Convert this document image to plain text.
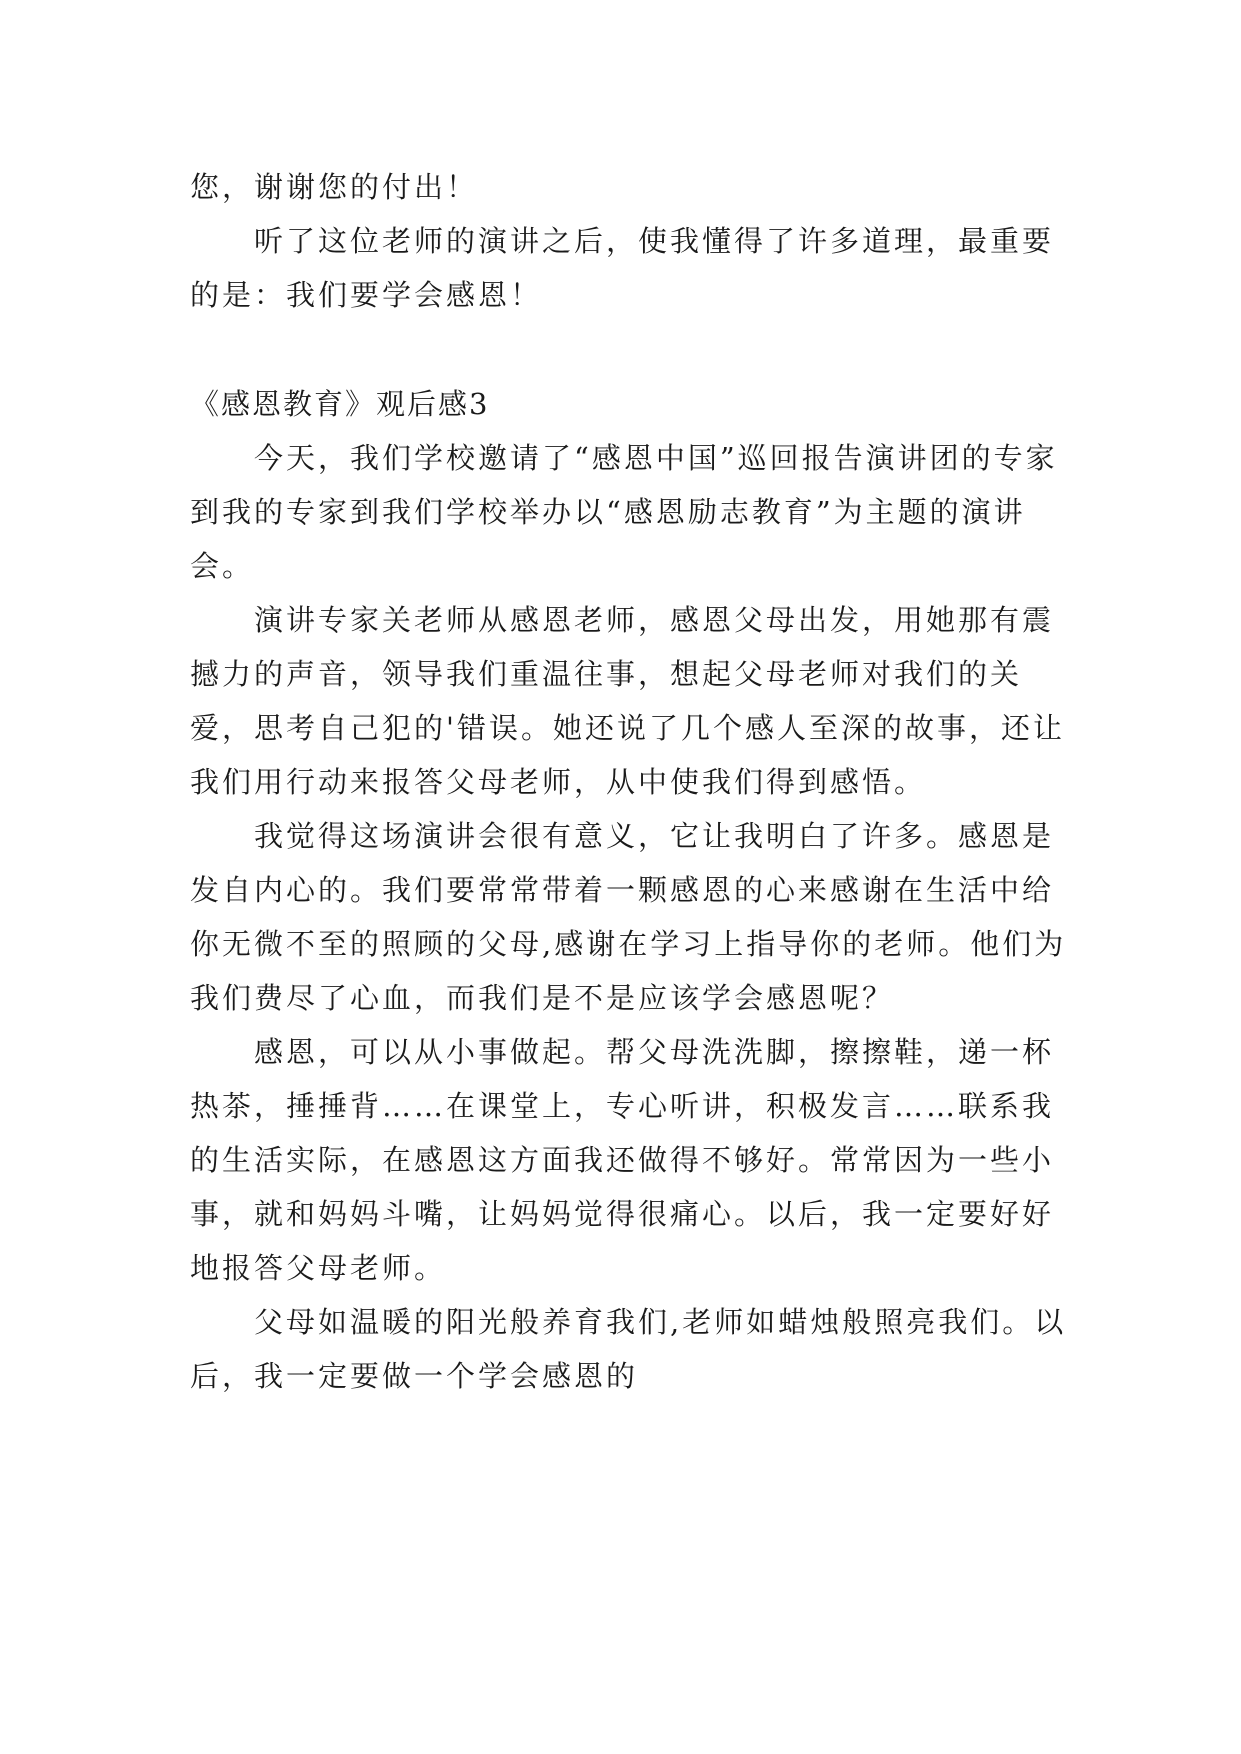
您，谢谢您的付出！

听了这位老师的演讲之后，使我懂得了许多道理，最重要的是：我们要学会感恩！

《感恩教育》观后感3

今天，我们学校邀请了“感恩中国”巡回报告演讲团的专家到我的专家到我们学校举办以“感恩励志教育”为主题的演讲会。

演讲专家关老师从感恩老师，感恩父母出发，用她那有震撼力的声音，领导我们重温往事，想起父母老师对我们的关爱，思考自己犯的'错误。她还说了几个感人至深的故事，还让我们用行动来报答父母老师，从中使我们得到感悟。

我觉得这场演讲会很有意义，它让我明白了许多。感恩是发自内心的。我们要常常带着一颗感恩的心来感谢在生活中给你无微不至的照顾的父母,感谢在学习上指导你的老师。他们为我们费尽了心血，而我们是不是应该学会感恩呢？

感恩，可以从小事做起。帮父母洗洗脚，擦擦鞋，递一杯热茶，捶捶背……在课堂上，专心听讲，积极发言……联系我的生活实际，在感恩这方面我还做得不够好。常常因为一些小事，就和妈妈斗嘴，让妈妈觉得很痛心。以后，我一定要好好地报答父母老师。

父母如温暖的阳光般养育我们,老师如蜡烛般照亮我们。以后，我一定要做一个学会感恩的
